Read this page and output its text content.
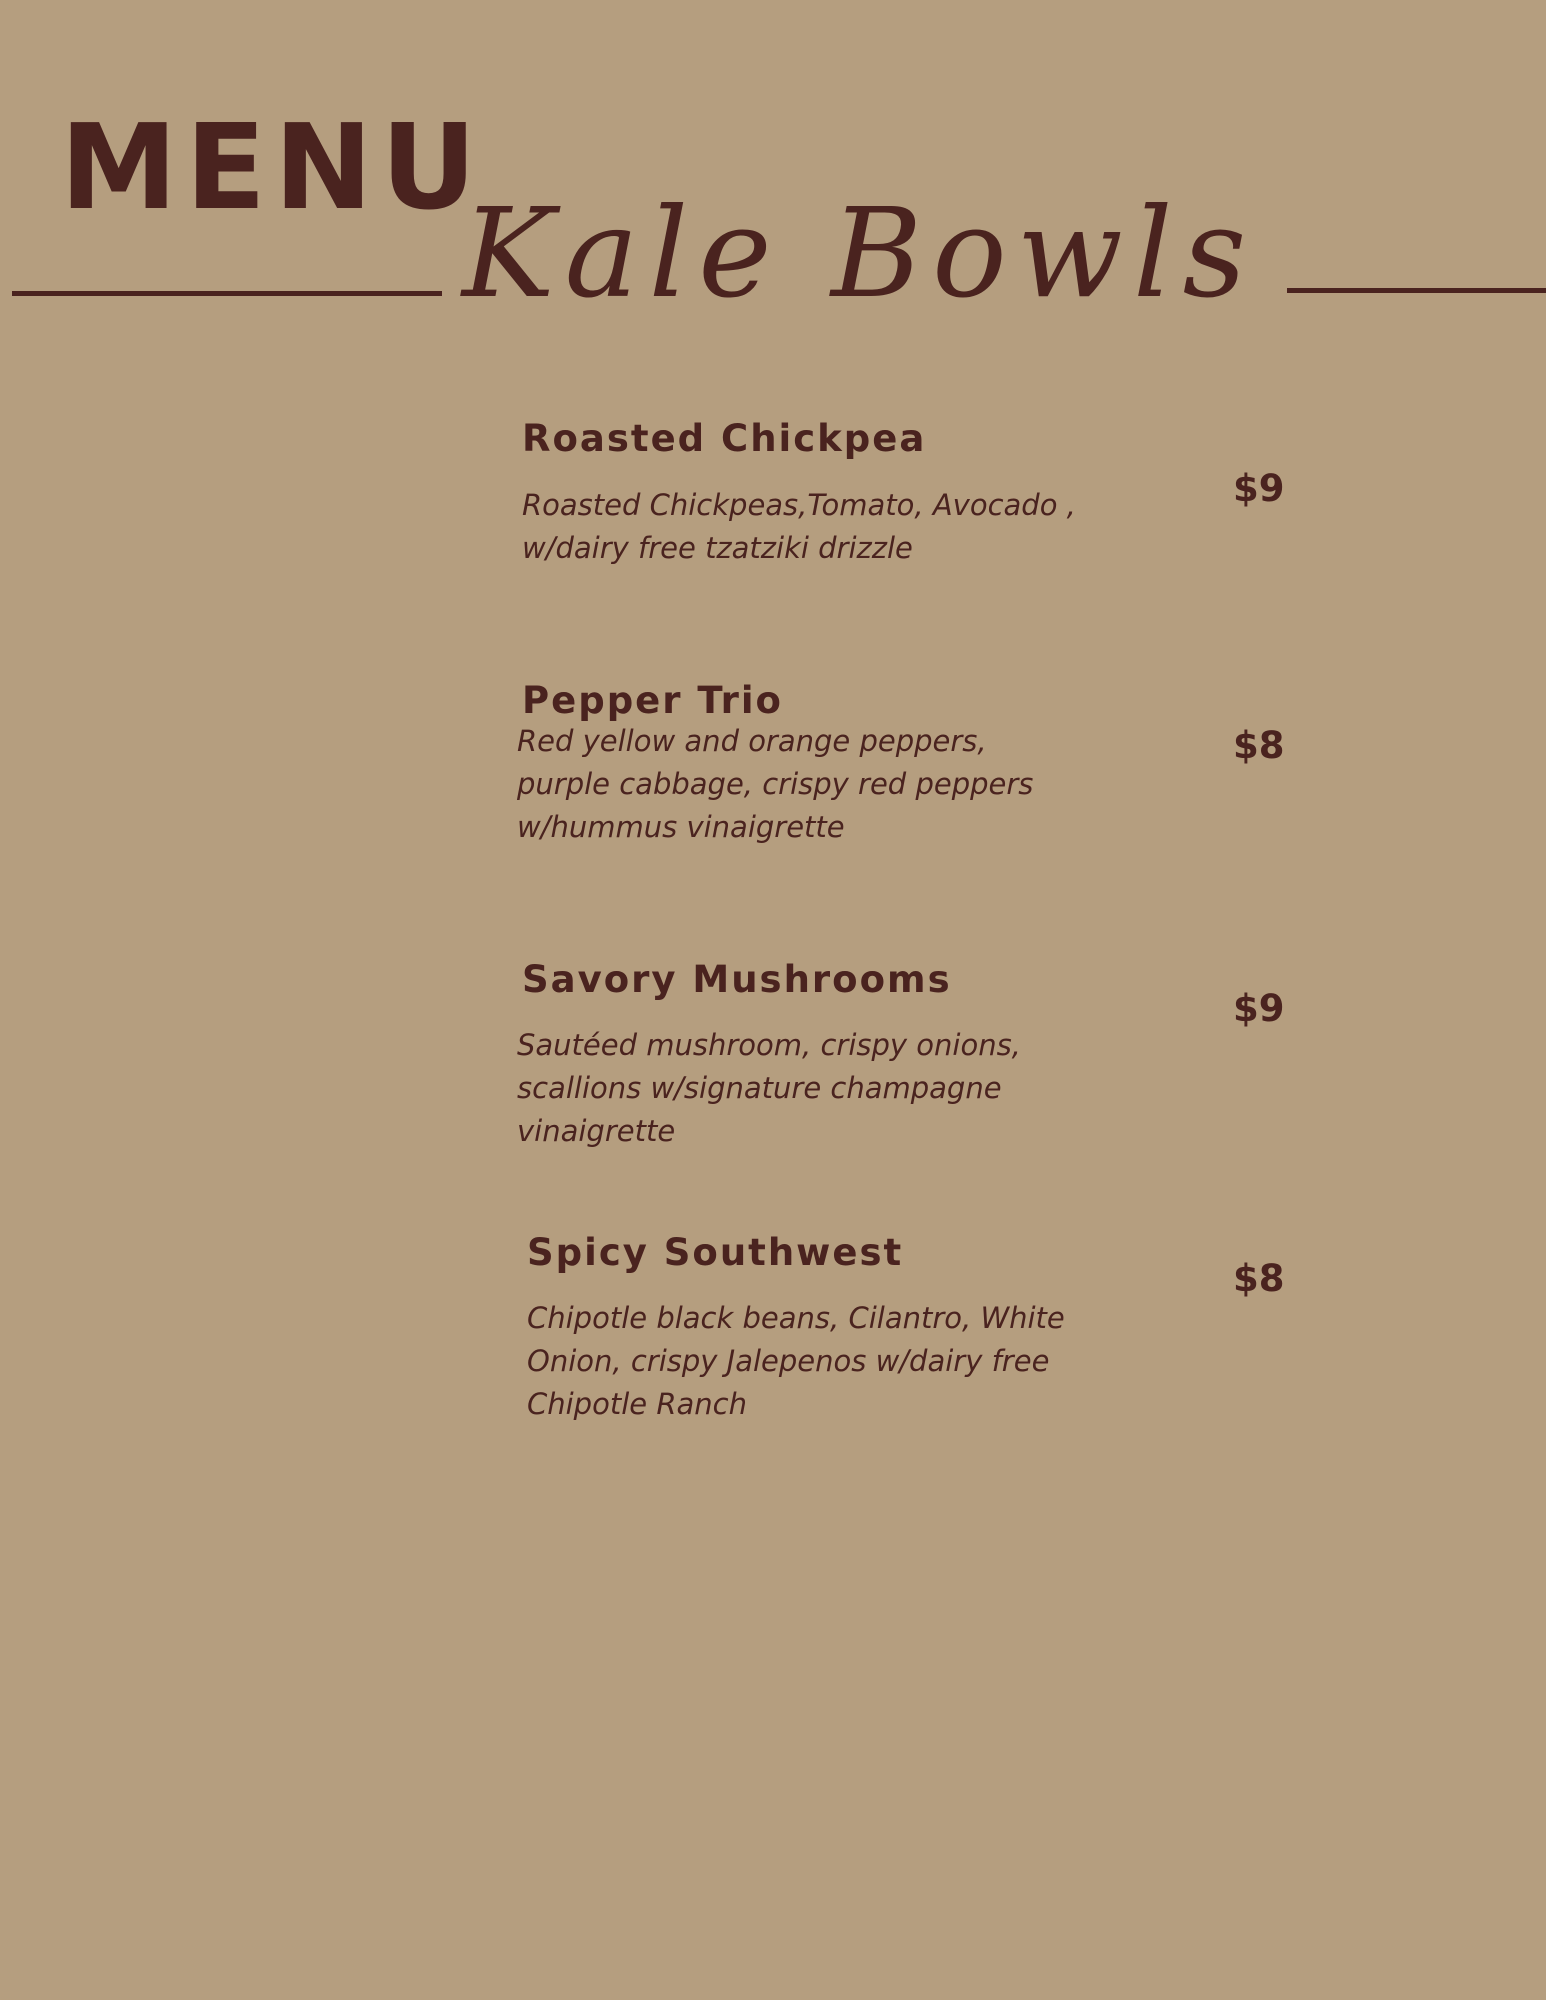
MENU
Kale Bowls
Roasted Chickpea
Roasted Chickpeas,Tomato, Avocado , w/dairy free tzatziki drizzle
$9
Pepper Trio
Red yellow and orange peppers, purple cabbage, crispy red peppers w/hummus vinaigrette
$8
Savory Mushrooms
Sautéed mushroom, crispy onions, scallions w/signature champagne vinaigrette
$9
Spicy Southwest
Chipotle black beans, Cilantro, White Onion, crispy Jalepenos w/dairy free Chipotle Ranch
$8
